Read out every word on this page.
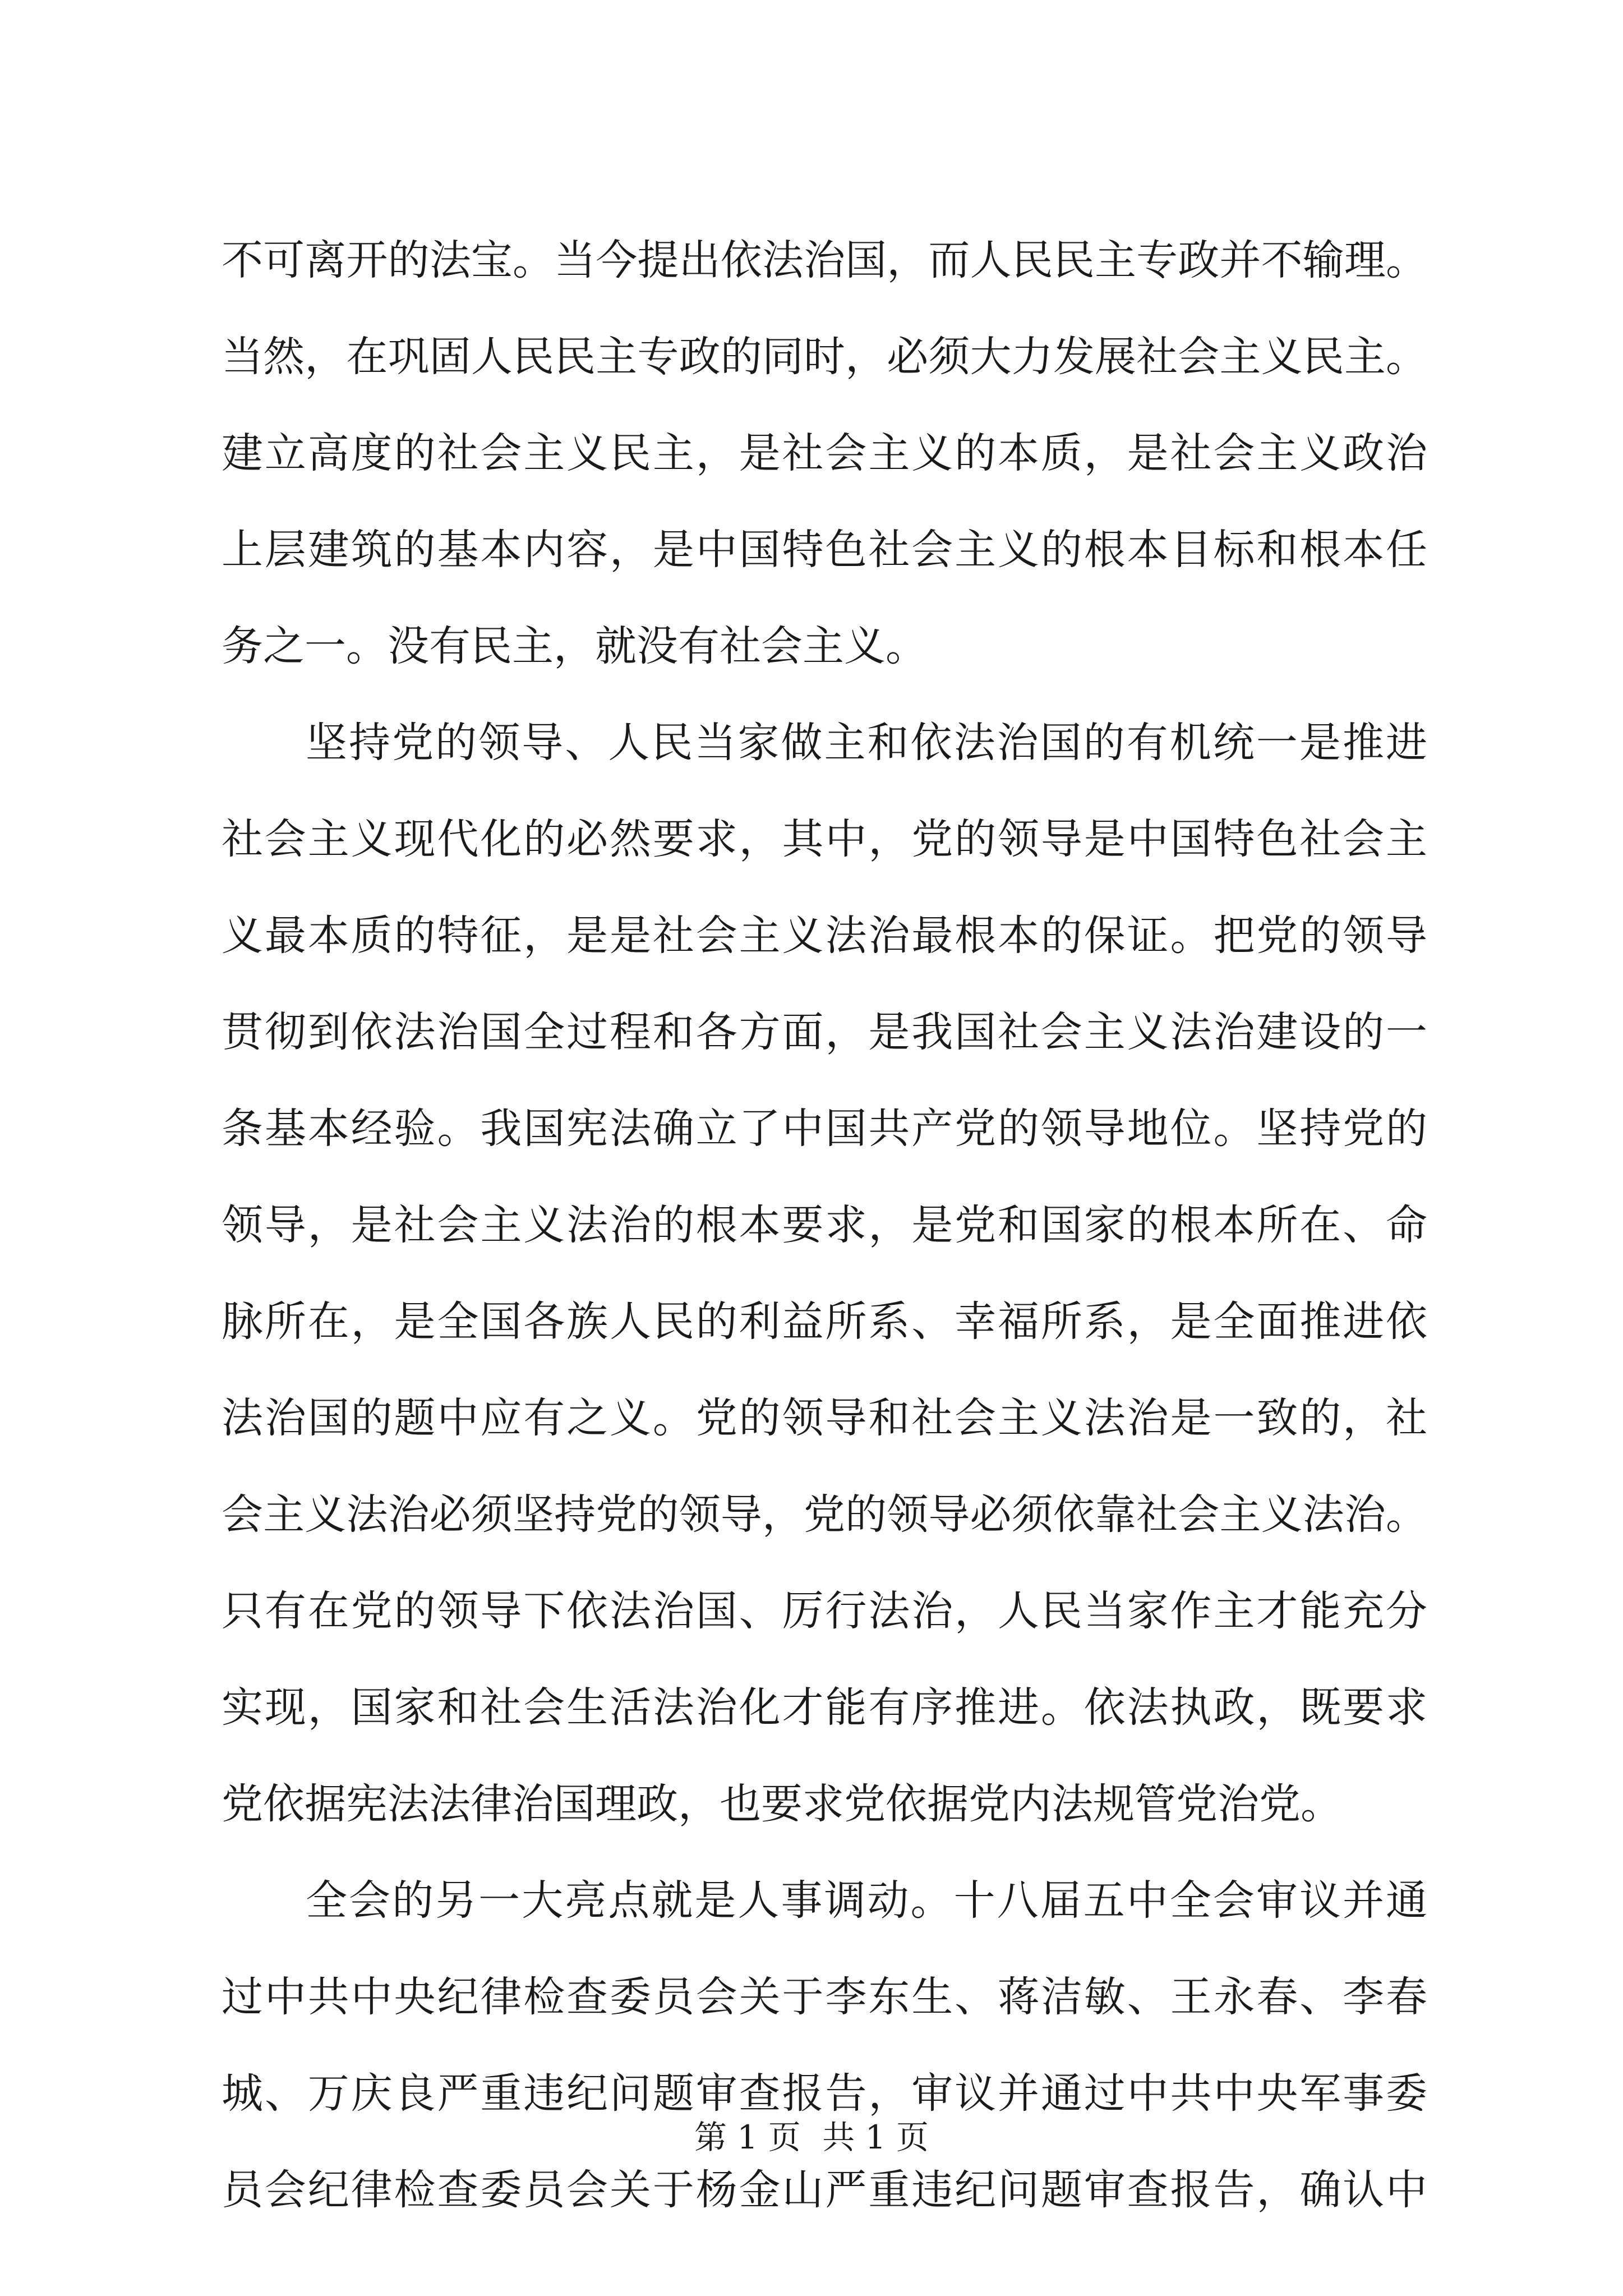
不可离开的法宝。当今提出依法治国，而人民民主专政并不输理。
当然，在巩固人民民主专政的同时，必须大力发展社会主义民主。
建立高度的社会主义民主，是社会主义的本质，是社会主义政治
上层建筑的基本内容，是中国特色社会主义的根本目标和根本任
务之一。没有民主，就没有社会主义。
坚持党的领导、人民当家做主和依法治国的有机统一是推进
社会主义现代化的必然要求，其中，党的领导是中国特色社会主
义最本质的特征，是是社会主义法治最根本的保证。把党的领导
贯彻到依法治国全过程和各方面，是我国社会主义法治建设的一
条基本经验。我国宪法确立了中国共产党的领导地位。坚持党的
领导，是社会主义法治的根本要求，是党和国家的根本所在、命
脉所在，是全国各族人民的利益所系、幸福所系，是全面推进依
法治国的题中应有之义。党的领导和社会主义法治是一致的，社
会主义法治必须坚持党的领导，党的领导必须依靠社会主义法治。
只有在党的领导下依法治国、厉行法治，人民当家作主才能充分
实现，国家和社会生活法治化才能有序推进。依法执政，既要求
党依据宪法法律治国理政，也要求党依据党内法规管党治党。
全会的另一大亮点就是人事调动。十八届五中全会审议并通
过中共中央纪律检查委员会关于李东生、蒋洁敏、王永春、李春
城、万庆良严重违纪问题审查报告，审议并通过中共中央军事委
员会纪律检查委员会关于杨金山严重违纪问题审查报告，确认中
第 1 页 共 1 页
